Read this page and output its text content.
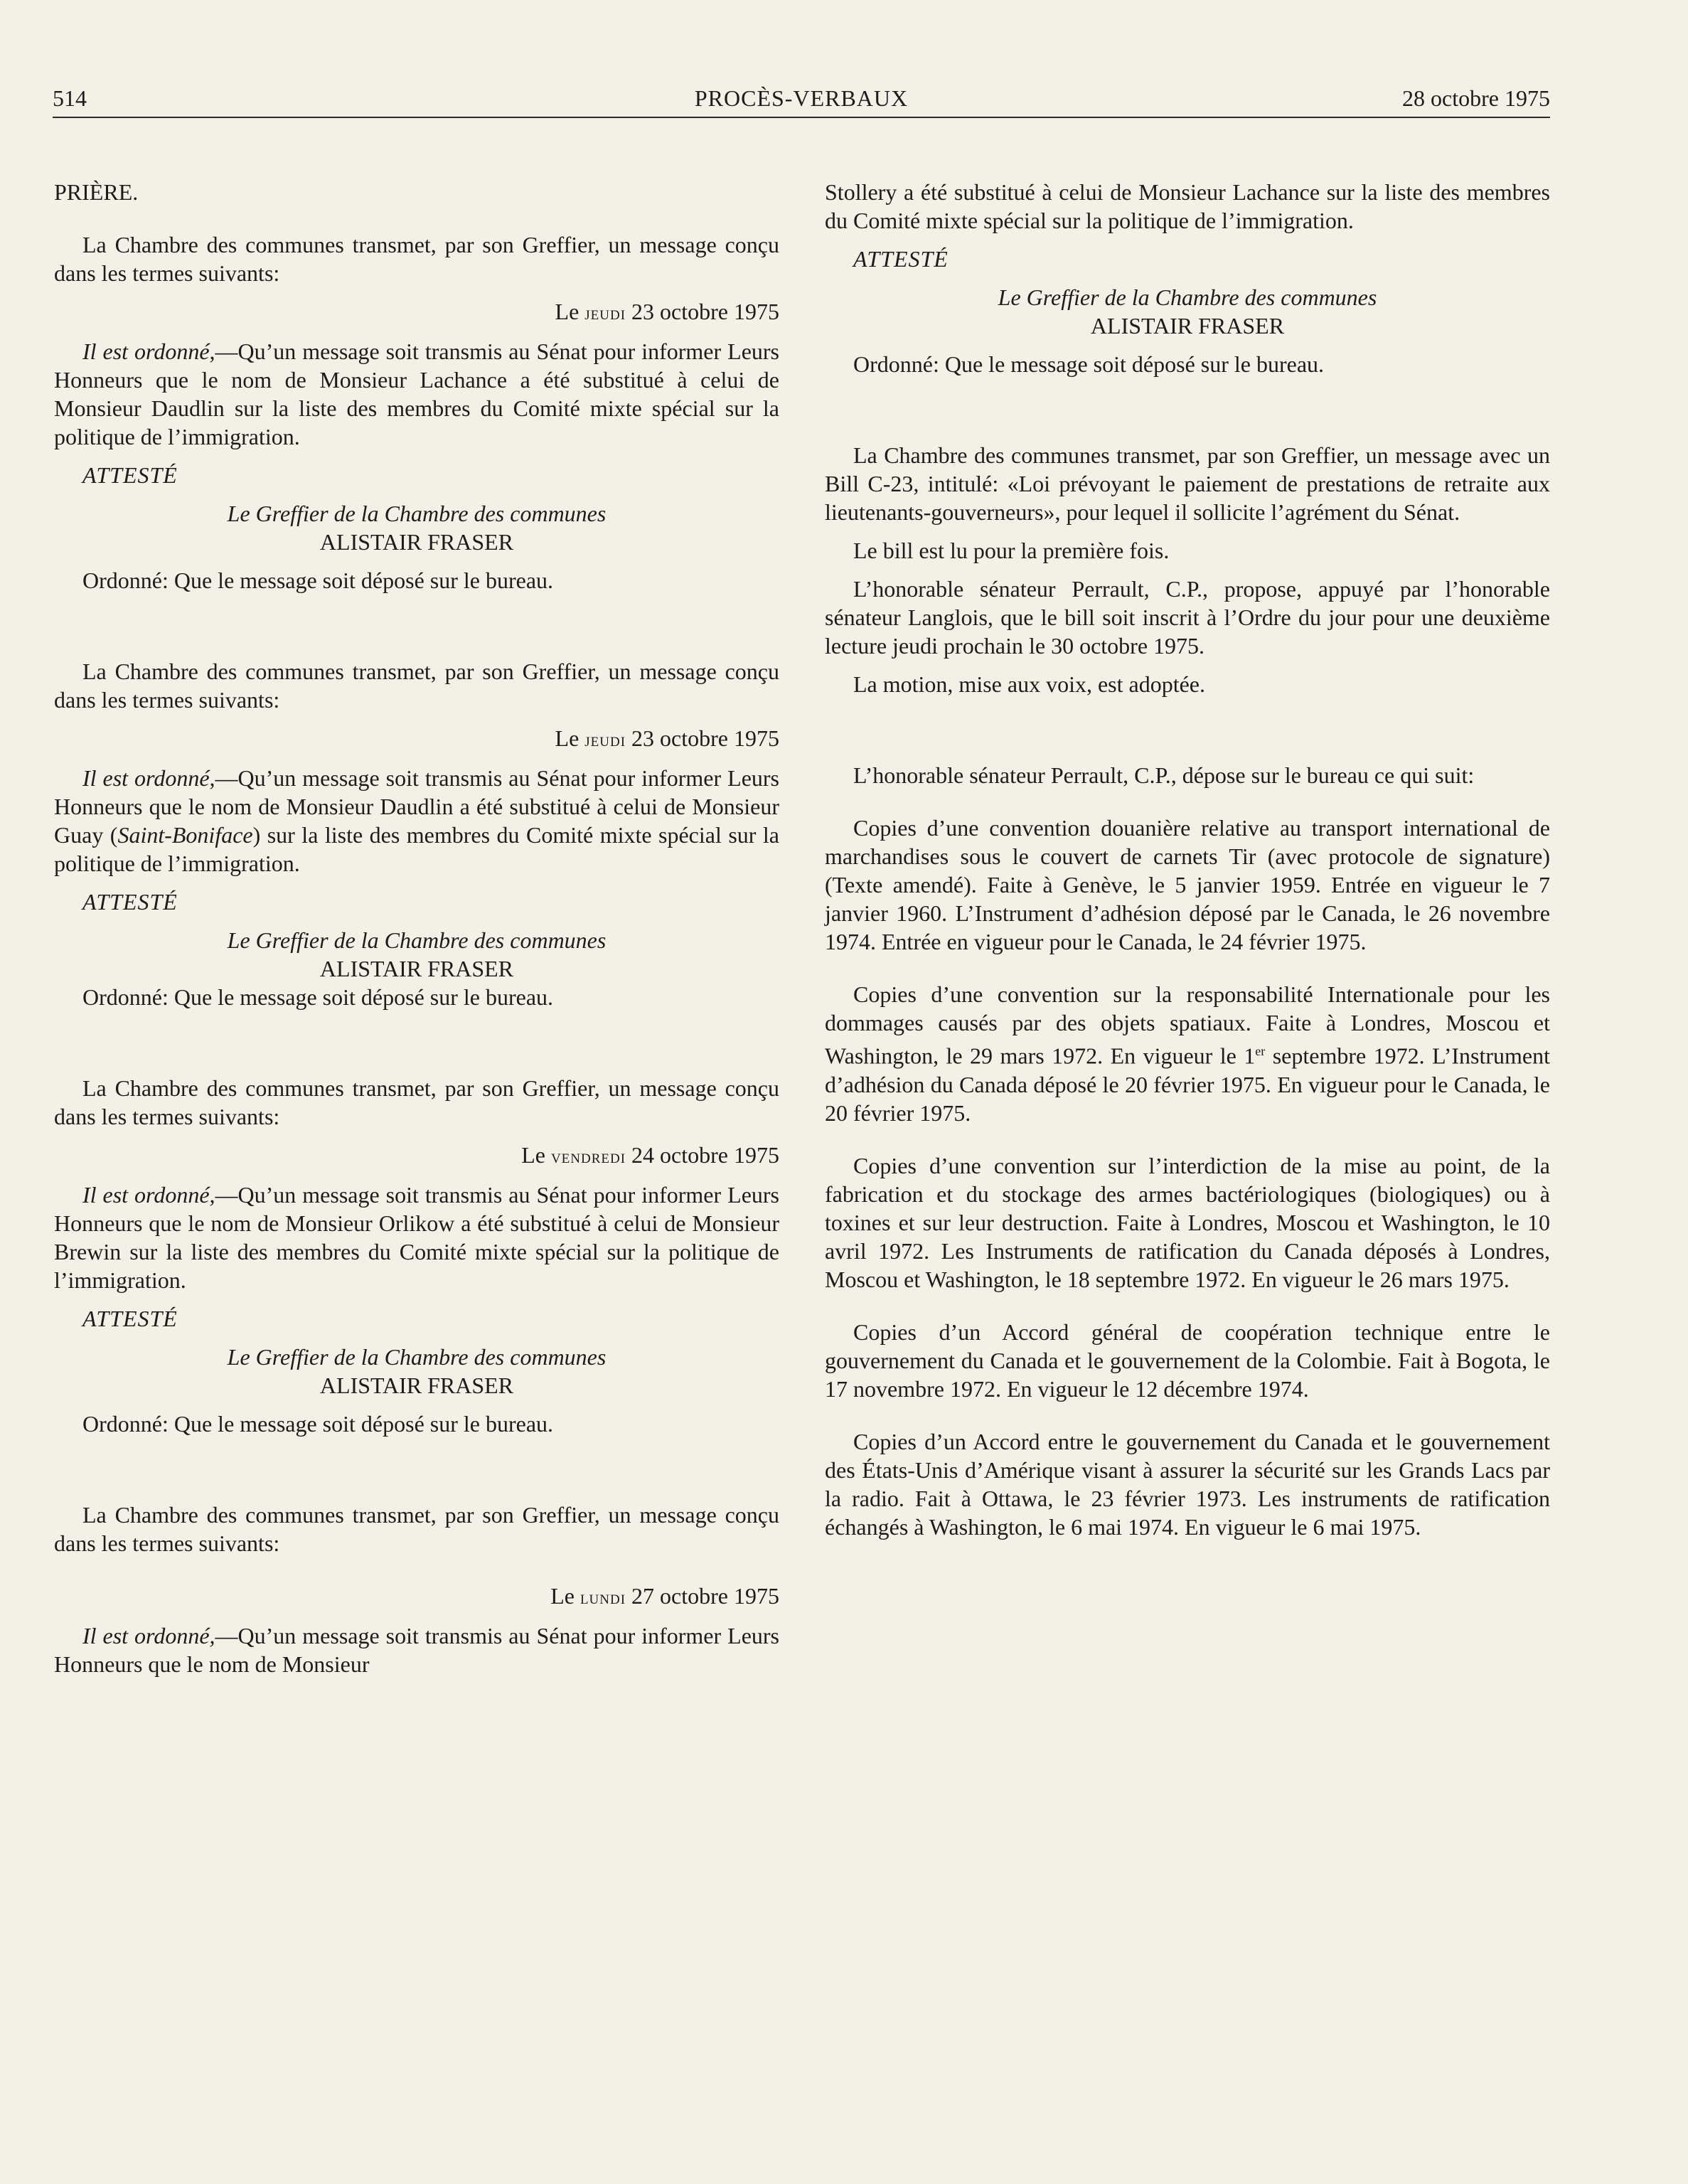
514	PROCÈS-VERBAUX	28 octobre 1975

PRIÈRE.

La Chambre des communes transmet, par son Greffier, un message conçu dans les termes suivants:

Le jeudi 23 octobre 1975

Il est ordonné,—Qu’un message soit transmis au Sénat pour informer Leurs Honneurs que le nom de Monsieur Lachance a été substitué à celui de Monsieur Daudlin sur la liste des membres du Comité mixte spécial sur la politique de l’immigration.

ATTESTÉ

Le Greffier de la Chambre des communes

ALISTAIR FRASER

Ordonné: Que le message soit déposé sur le bureau.

La Chambre des communes transmet, par son Greffier, un message conçu dans les termes suivants:

Le jeudi 23 octobre 1975

Il est ordonné,—Qu’un message soit transmis au Sénat pour informer Leurs Honneurs que le nom de Monsieur Daudlin a été substitué à celui de Monsieur Guay (Saint-Boniface) sur la liste des membres du Comité mixte spécial sur la politique de l’immigration.

ATTESTÉ

Le Greffier de la Chambre des communes

ALISTAIR FRASER

Ordonné: Que le message soit déposé sur le bureau.

La Chambre des communes transmet, par son Greffier, un message conçu dans les termes suivants:

Le vendredi 24 octobre 1975

Il est ordonné,—Qu’un message soit transmis au Sénat pour informer Leurs Honneurs que le nom de Monsieur Orlikow a été substitué à celui de Monsieur Brewin sur la liste des membres du Comité mixte spécial sur la politique de l’immigration.

ATTESTÉ

Le Greffier de la Chambre des communes

ALISTAIR FRASER

Ordonné: Que le message soit déposé sur le bureau.

La Chambre des communes transmet, par son Greffier, un message conçu dans les termes suivants:

Le lundi 27 octobre 1975

Il est ordonné,—Qu’un message soit transmis au Sénat pour informer Leurs Honneurs que le nom de Monsieur

Stollery a été substitué à celui de Monsieur Lachance sur la liste des membres du Comité mixte spécial sur la politique de l’immigration.

ATTESTÉ

Le Greffier de la Chambre des communes

ALISTAIR FRASER

Ordonné: Que le message soit déposé sur le bureau.

La Chambre des communes transmet, par son Greffier, un message avec un Bill C-23, intitulé: «Loi prévoyant le paiement de prestations de retraite aux lieutenants-gouverneurs», pour lequel il sollicite l’agrément du Sénat.

Le bill est lu pour la première fois.

L’honorable sénateur Perrault, C.P., propose, appuyé par l’honorable sénateur Langlois, que le bill soit inscrit à l’Ordre du jour pour une deuxième lecture jeudi prochain le 30 octobre 1975.

La motion, mise aux voix, est adoptée.

L’honorable sénateur Perrault, C.P., dépose sur le bureau ce qui suit:

Copies d’une convention douanière relative au transport international de marchandises sous le couvert de carnets Tir (avec protocole de signature) (Texte amendé). Faite à Genève, le 5 janvier 1959. Entrée en vigueur le 7 janvier 1960. L’Instrument d’adhésion déposé par le Canada, le 26 novembre 1974. Entrée en vigueur pour le Canada, le 24 février 1975.

Copies d’une convention sur la responsabilité Internationale pour les dommages causés par des objets spatiaux. Faite à Londres, Moscou et Washington, le 29 mars 1972. En vigueur le 1er septembre 1972. L’Instrument d’adhésion du Canada déposé le 20 février 1975. En vigueur pour le Canada, le 20 février 1975.

Copies d’une convention sur l’interdiction de la mise au point, de la fabrication et du stockage des armes bactériologiques (biologiques) ou à toxines et sur leur destruction. Faite à Londres, Moscou et Washington, le 10 avril 1972. Les Instruments de ratification du Canada déposés à Londres, Moscou et Washington, le 18 septembre 1972. En vigueur le 26 mars 1975.

Copies d’un Accord général de coopération technique entre le gouvernement du Canada et le gouvernement de la Colombie. Fait à Bogota, le 17 novembre 1972. En vigueur le 12 décembre 1974.

Copies d’un Accord entre le gouvernement du Canada et le gouvernement des États-Unis d’Amérique visant à assurer la sécurité sur les Grands Lacs par la radio. Fait à Ottawa, le 23 février 1973. Les instruments de ratification échangés à Washington, le 6 mai 1974. En vigueur le 6 mai 1975.
